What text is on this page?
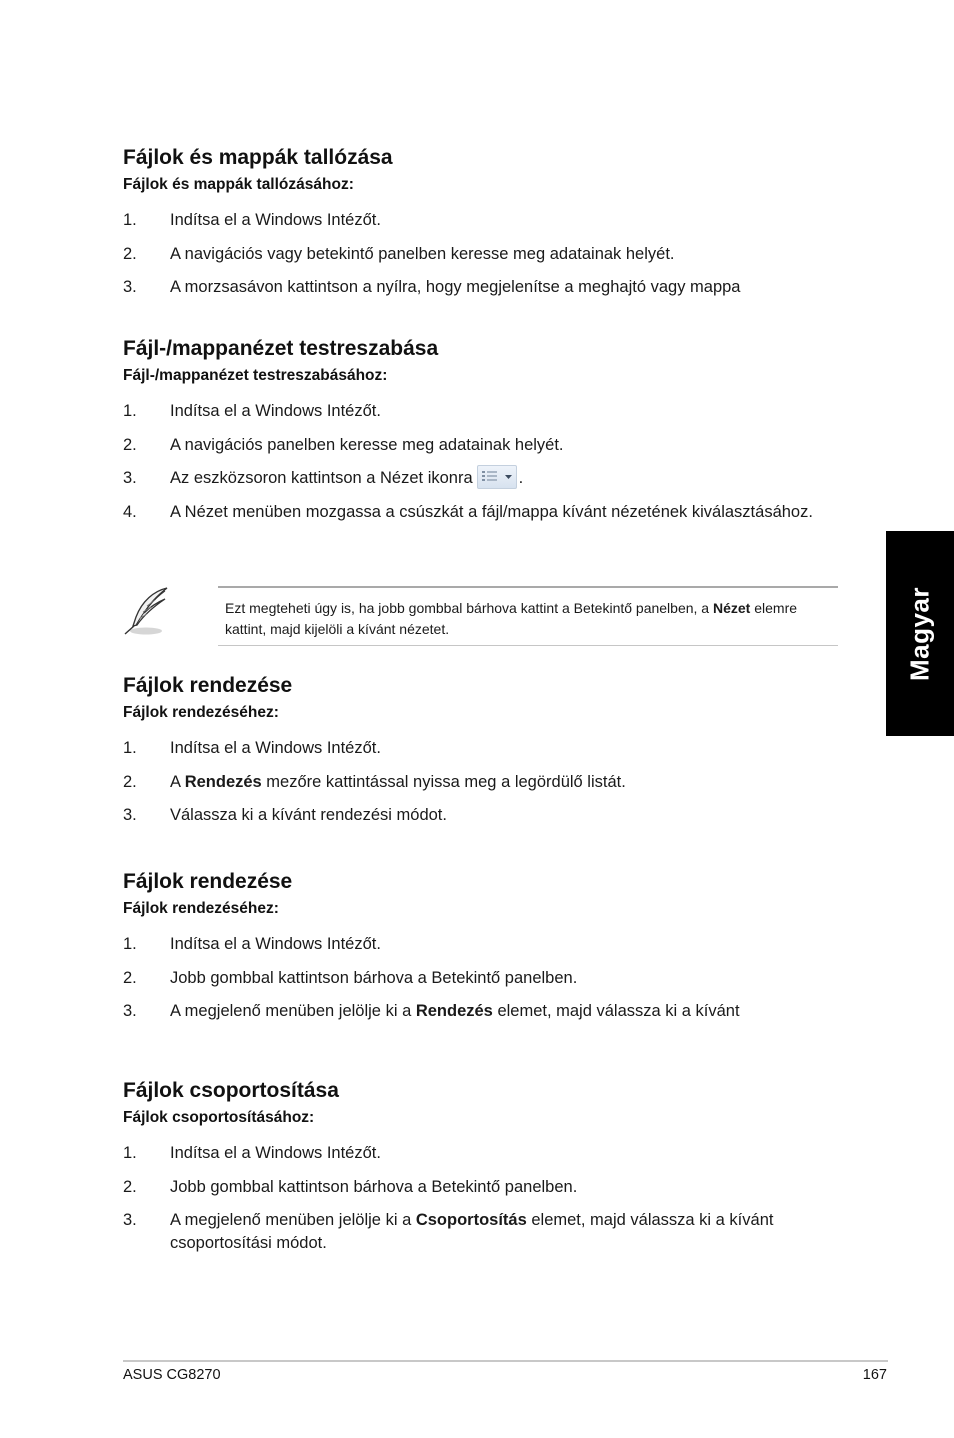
Fájlok és mappák tallózása
Fájlok és mappák tallózásához:
1. Indítsa el a Windows Intézőt.
2. A navigációs vagy betekintő panelben keresse meg adatainak helyét.
3. A morzsasávon kattintson a nyílra, hogy megjelenítse a meghajtó vagy mappa
Fájl-/mappanézet testreszabása
Fájl-/mappanézet testreszabásához:
1. Indítsa el a Windows Intézőt.
2. A navigációs panelben keresse meg adatainak helyét.
3. Az eszközsoron kattintson a Nézet ikonra	.
4. A Nézet menüben mozgassa a csúszkát a fájl/mappa kívánt nézetének kiválasztásához.
Fájlok rendezése
Fájlok rendezéséhez:
1. Indítsa el a Windows Intézőt.
2. A Rendezés mezőre kattintással nyissa meg a legördülő listát.
3. Válassza ki a kívánt rendezési módot.
Fájlok rendezése
Fájlok rendezéséhez:
1. Indítsa el a Windows Intézőt.
2. Jobb gombbal kattintson bárhova a Betekintő panelben.
3. A megjelenő menüben jelölje ki a Rendezés elemet, majd válassza ki a kívánt
Fájlok csoportosítása
Fájlok csoportosításához:
1. Indítsa el a Windows Intézőt.
2. Jobb gombbal kattintson bárhova a Betekintő panelben.
3. A megjelenő menüben jelölje ki a Csoportosítás elemet, majd válassza ki a kívánt csoportosítási módot.

Ezt megteheti úgy is, ha jobb gombbal bárhova kattint a Betekintő panelben, a Nézet elemre kattint, majd kijelöli a kívánt nézetet.	Magyar
ASUS CG8270	167
